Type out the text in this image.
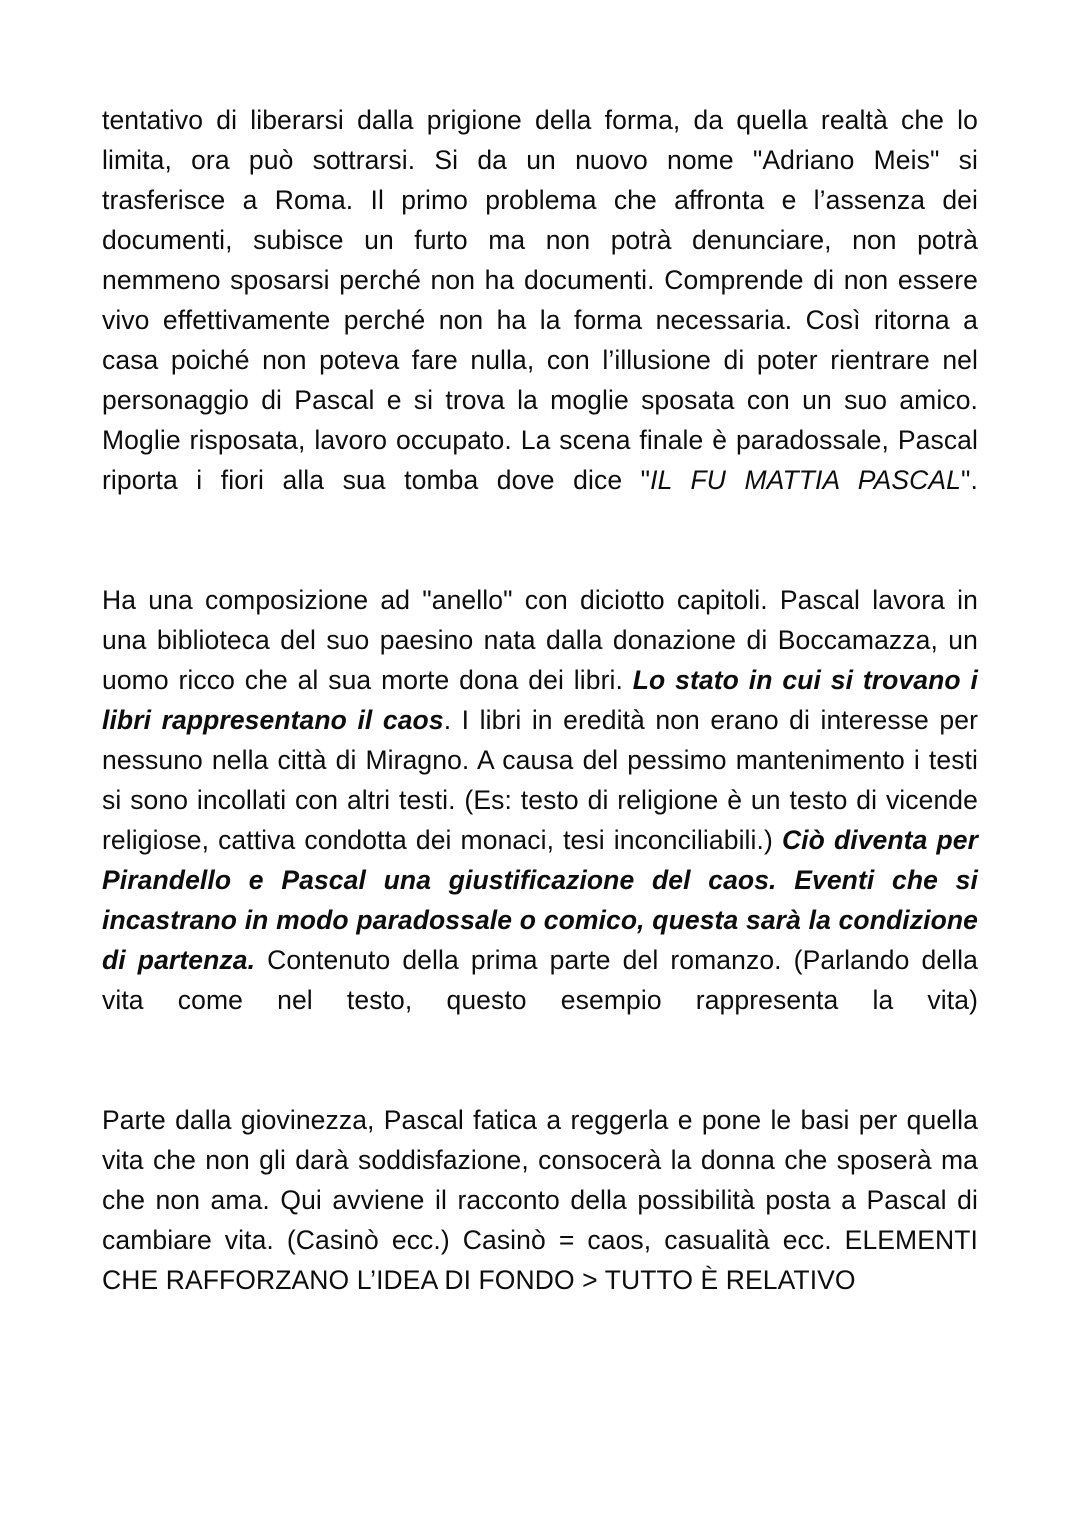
tentativo di liberarsi dalla prigione della forma, da quella realtà che lo limita, ora può sottrarsi. Si da un nuovo nome "Adriano Meis" si trasferisce a Roma. Il primo problema che affronta e l’assenza dei documenti, subisce un furto ma non potrà denunciare, non potrà nemmeno sposarsi perché non ha documenti. Comprende di non essere vivo effettivamente perché non ha la forma necessaria. Così ritorna a casa poiché non poteva fare nulla, con l’illusione di poter rientrare nel personaggio di Pascal e si trova la moglie sposata con un suo amico. Moglie risposata, lavoro occupato. La scena finale è paradossale, Pascal riporta i fiori alla sua tomba dove dice "IL FU MATTIA PASCAL".

Ha una composizione ad "anello" con diciotto capitoli. Pascal lavora in una biblioteca del suo paesino nata dalla donazione di Boccamazza, un uomo ricco che al sua morte dona dei libri. Lo stato in cui si trovano i libri rappresentano il caos. I libri in eredità non erano di interesse per nessuno nella città di Miragno. A causa del pessimo mantenimento i testi si sono incollati con altri testi. (Es: testo di religione è un testo di vicende religiose, cattiva condotta dei monaci, tesi inconciliabili.) Ciò diventa per Pirandello e Pascal una giustificazione del caos. Eventi che si incastrano in modo paradossale o comico, questa sarà la condizione di partenza. Contenuto della prima parte del romanzo. (Parlando della vita come nel testo, questo esempio rappresenta la vita)

Parte dalla giovinezza, Pascal fatica a reggerla e pone le basi per quella vita che non gli darà soddisfazione, consocerà la donna che sposerà ma che non ama. Qui avviene il racconto della possibilità posta a Pascal di cambiare vita. (Casinò ecc.) Casinò = caos, casualità ecc. ELEMENTI CHE RAFFORZANO L’IDEA DI FONDO > TUTTO È RELATIVO
